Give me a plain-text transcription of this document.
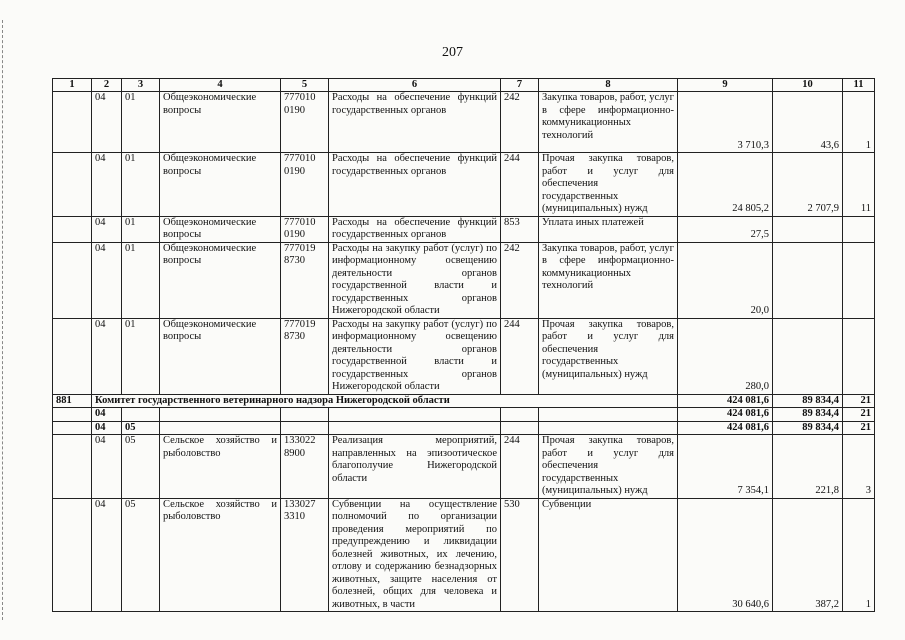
207
1	2	3	4	5	6	7	8	9	10	11
	04	01	Общеэкономические вопросы	777010 0190	Расходы на обеспечение функций государственных органов	242	Закупка товаров, работ, услуг в сфере информационно-коммуникационных технологий	3 710,3	43,6	1
	04	01	Общеэкономические вопросы	777010 0190	Расходы на обеспечение функций государственных органов	244	Прочая закупка товаров, работ и услуг для обеспечения государственных (муниципальных) нужд	24 805,2	2 707,9	11
	04	01	Общеэкономические вопросы	777010 0190	Расходы на обеспечение функций государственных органов	853	Уплата иных платежей	27,5		
	04	01	Общеэкономические вопросы	777019 8730	Расходы на закупку работ (услуг) по информационному освещению деятельности органов государственной власти и государственных органов Нижегородской области	242	Закупка товаров, работ, услуг в сфере информационно-коммуникационных технологий	20,0		
	04	01	Общеэкономические вопросы	777019 8730	Расходы на закупку работ (услуг) по информационному освещению деятельности органов государственной власти и государственных органов Нижегородской области	244	Прочая закупка товаров, работ и услуг для обеспечения государственных (муниципальных) нужд	280,0		
881	Комитет государственного ветеринарного надзора Нижегородской области							424 081,6	89 834,4	21
	04							424 081,6	89 834,4	21
	04	05						424 081,6	89 834,4	21
	04	05	Сельское хозяйство и рыболовство	133022 8900	Реализация мероприятий, направленных на эпизоотическое благополучие Нижегородской области	244	Прочая закупка товаров, работ и услуг для обеспечения государственных (муниципальных) нужд	7 354,1	221,8	3
	04	05	Сельское хозяйство и рыболовство	133027 3310	Субвенции на осуществление полномочий по организации проведения мероприятий по предупреждению и ликвидации болезней животных, их лечению, отлову и содержанию безнадзорных животных, защите населения от болезней, общих для человека и животных, в части	530	Субвенции	30 640,6	387,2	1
